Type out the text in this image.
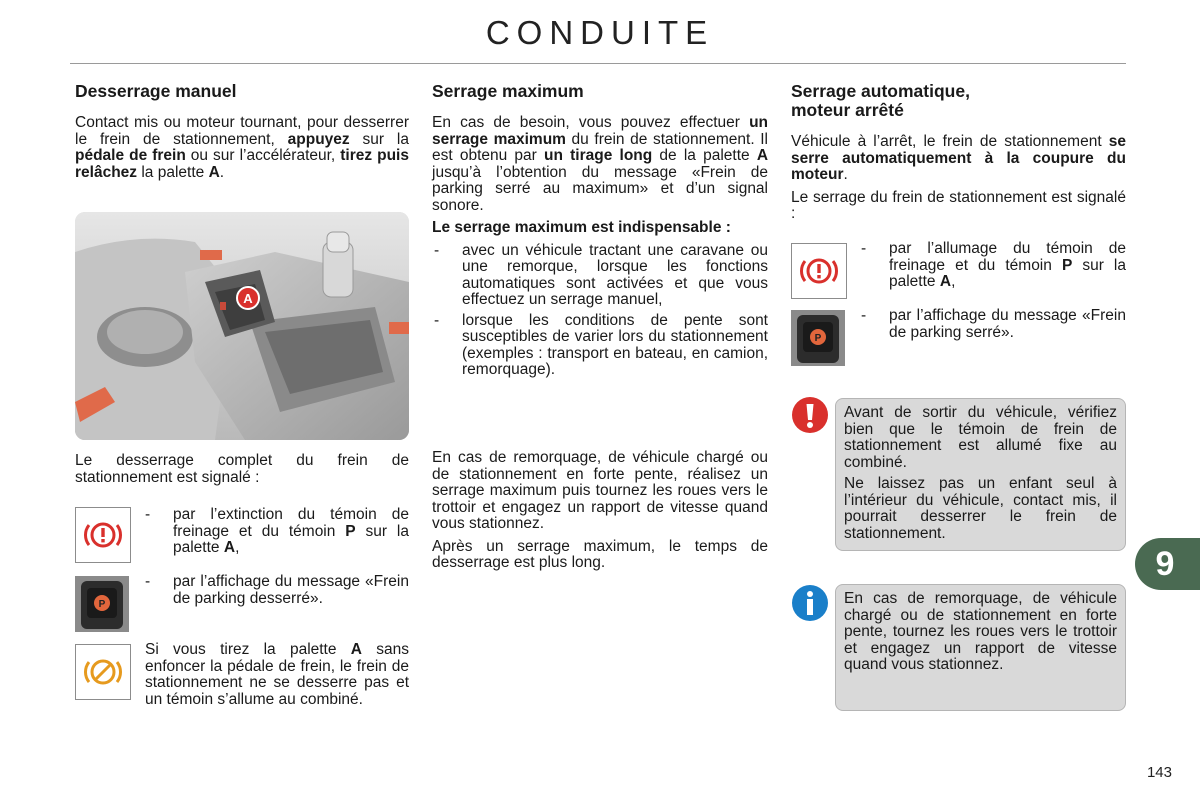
CONDUITE
Desserrage manuel

Contact mis ou moteur tournant, pour desserrer le frein de stationnement, appuyez sur la pédale de frein ou sur l’accélérateur, tirez puis relâchez la palette A.

A

Le desserrage complet du frein de stationnement est signalé :

- par l’extinction du témoin de freinage et du témoin P sur la palette A,
P
- par l’affichage du message «Frein de parking desserré».
Si vous tirez la palette A sans enfoncer la pédale de frein, le frein de stationnement ne se desserre pas et un témoin s’allume au combiné.
Serrage maximum

En cas de besoin, vous pouvez effectuer un serrage maximum du frein de stationnement. Il est obtenu par un tirage long de la palette A jusqu’à l’obtention du message «Frein de parking serré au maximum» et d’un signal sonore.

Le serrage maximum est indispensable :

- avec un véhicule tractant une caravane ou une remorque, lorsque les fonctions automatiques sont activées et que vous effectuez un serrage manuel,
- lorsque les conditions de pente sont susceptibles de varier lors du stationnement (exemples : transport en bateau, en camion, remorquage).

En cas de remorquage, de véhicule chargé ou de stationnement en forte pente, réalisez un serrage maximum puis tournez les roues vers le trottoir et engagez un rapport de vitesse quand vous stationnez.

Après un serrage maximum, le temps de desserrage est plus long.

Serrage automatique, moteur arrêté

Véhicule à l’arrêt, le frein de stationnement se serre automatiquement à la coupure du moteur.

Le serrage du frein de stationnement est signalé :

- par l’allumage du témoin de freinage et du témoin P sur la palette A,
P
- par l’affichage du message «Frein de parking serré».

Avant de sortir du véhicule, vérifiez bien que le témoin de frein de stationnement est allumé fixe au combiné.

Ne laissez pas un enfant seul à l’intérieur du véhicule, contact mis, il pourrait desserrer le frein de stationnement.

En cas de remorquage, de véhicule chargé ou de stationnement en forte pente, tournez les roues vers le trottoir et engagez un rapport de vitesse quand vous stationnez.

9
143
